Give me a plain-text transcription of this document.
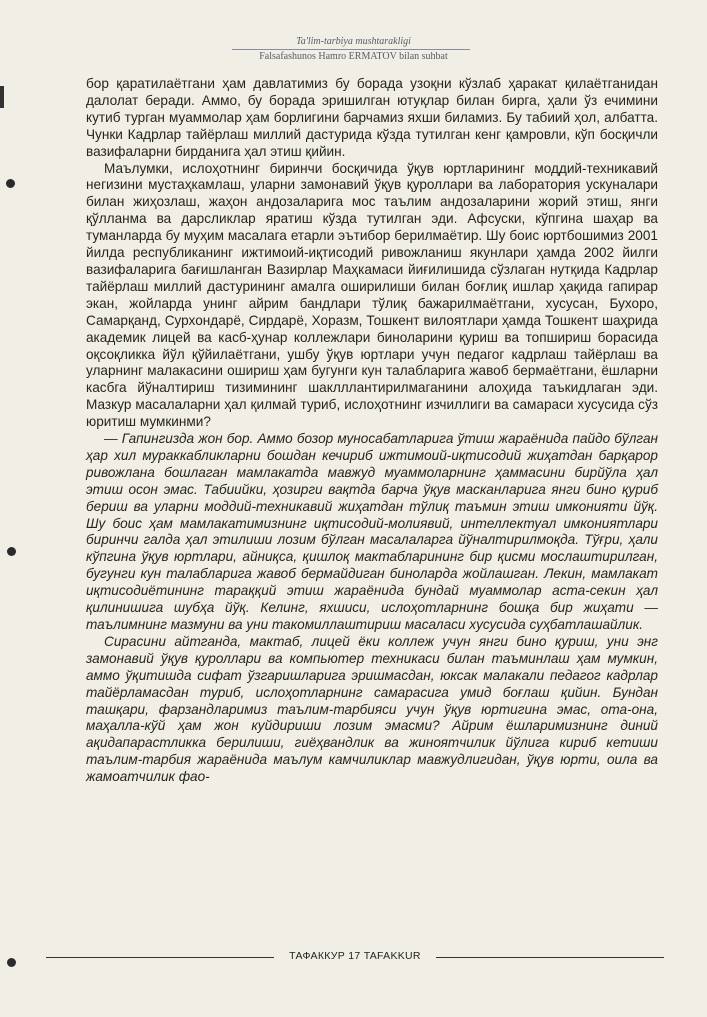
Ta'lim-tarbiya mushtarakligi
Falsafashunos Hamro ERMATOV bilan suhbat

бор қаратилаётгани ҳам давлатимиз бу борада узоқни кўзлаб ҳаракат қилаётганидан далолат беради. Аммо, бу борада эришилган ютуқлар билан бирга, ҳали ўз ечимини кутиб турган муаммолар ҳам борлигини барчамиз яхши биламиз. Бу табиий ҳол, албатта. Чунки Кадрлар тайёрлаш миллий дастурида кўзда тутилган кенг қамровли, кўп босқичли вазифаларни бирданига ҳал этиш қийин.

Маълумки, ислоҳотнинг биринчи босқичида ўқув юртларининг моддий-техникавий негизини мустаҳкамлаш, уларни замонавий ўқув қуроллари ва лаборатория ускуналари билан жиҳозлаш, жаҳон андозаларига мос таълим андозаларини жорий этиш, янги қўлланма ва дарсликлар яратиш кўзда тутилган эди. Афсуски, кўпгина шаҳар ва туманларда бу муҳим масалага етарли эътибор берилмаётир. Шу боис юртбошимиз 2001 йилда республиканинг ижтимоий-иқтисодий ривожланиш якунлари ҳамда 2002 йилги вазифаларига бағишланган Вазирлар Маҳкамаси йиғилишида сўзлаган нутқида Кадрлар тайёрлаш миллий дастурининг амалга оширилиши билан боғлиқ ишлар ҳақида гапирар экан, жойларда унинг айрим бандлари тўлиқ бажарилмаётгани, хусусан, Бухоро, Самарқанд, Сурхондарё, Сирдарё, Хоразм, Тошкент вилоятлари ҳамда Тошкент шаҳрида академик лицей ва касб-ҳунар коллежлари биноларини қуриш ва топшириш борасида оқсоқликка йўл қўйилаётгани, ушбу ўқув юртлари учун педагог кадрлаш тайёрлаш ва уларнинг малакасини ошириш ҳам бугунги кун талабларига жавоб бермаётгани, ёшларни касбга йўналтириш тизимининг шаклллантирилмаганини алоҳида таъкидлаган эди. Мазкур масалаларни ҳал қилмай туриб, ислоҳотнинг изчиллиги ва самараси хусусида сўз юритиш мумкинми?

— Гапингизда жон бор. Аммо бозор муносабатларига ўтиш жараёнида пайдо бўлган ҳар хил мураккабликларни бошдан кечириб ижтимоий-иқтисодий жиҳатдан барқарор ривожлана бошлаган мамлакатда мавжуд муаммоларнинг ҳаммасини бирйўла ҳал этиш осон эмас. Табиийки, ҳозирги вақтда барча ўқув масканларига янги бино қуриб бериш ва уларни моддий-техникавий жиҳатдан тўлиқ таъмин этиш имконияти йўқ. Шу боис ҳам мамлакатимизнинг иқтисодий-молиявий, интеллектуал имкониятлари биринчи галда ҳал этилиши лозим бўлган масалаларга йўналтирилмоқда. Тўғри, ҳали кўпгина ўқув юртлари, айниқса, қишлоқ мактабларининг бир қисми мослаштирилган, бугунги кун талабларига жавоб бермайдиган биноларда жойлашган. Лекин, мамлакат иқтисодиётининг тараққий этиш жараёнида бундай муаммолар аста-секин ҳал қилинишига шубҳа йўқ. Келинг, яхшиси, ислоҳотларнинг бошқа бир жиҳати — таълимнинг мазмуни ва уни такомиллаштириш масаласи хусусида суҳбатлашайлик.

Сирасини айтганда, мактаб, лицей ёки коллеж учун янги бино қуриш, уни энг замонавий ўқув қуроллари ва компьютер техникаси билан таъминлаш ҳам мумкин, аммо ўқитишда сифат ўзгаришларига эришмасдан, юксак малакали педагог кадрлар тайёрламасдан туриб, ислоҳотларнинг самарасига умид боғлаш қийин. Бундан ташқари, фарзандларимиз таълим-тарбияси учун ўқув юртигина эмас, ота-она, маҳалла-кўй ҳам жон куйдириши лозим эмасми? Айрим ёшларимизнинг диний ақидапарастликка берилиши, гиёҳвандлик ва жиноятчилик йўлига кириб кетиши таълим-тарбия жараёнида маълум камчиликлар мавжудлигидан, ўқув юрти, оила ва жамоатчилик фао-

ТАФАККУР 17 TAFAKKUR
